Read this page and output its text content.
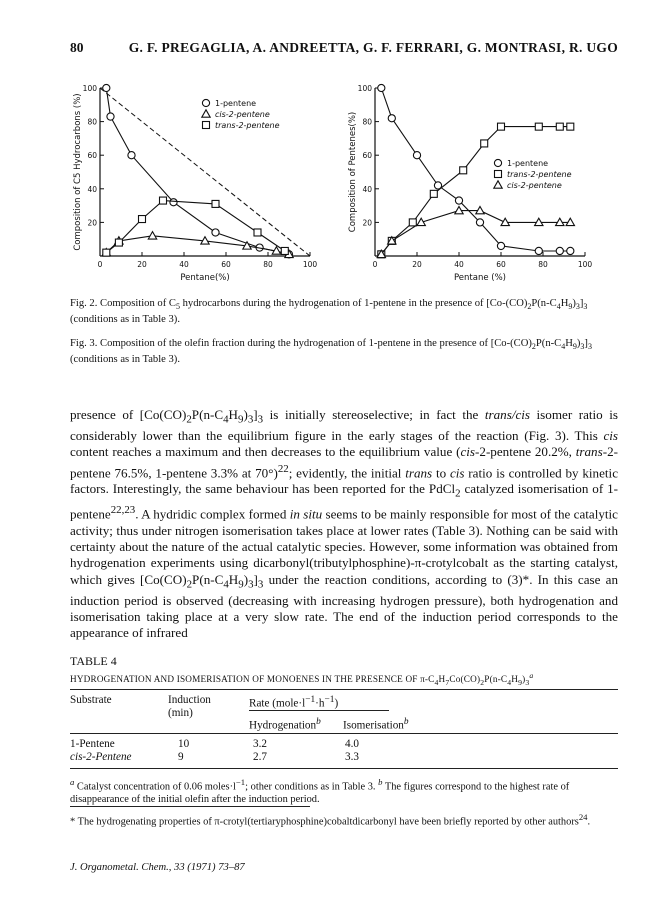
80	G. F. PREGAGLIA, A. ANDREETTA, G. F. FERRARI, G. MONTRASI, R. UGO
0	20	40	60	80	100
20
40
60
80
100
Pentane(%)
Composition of C5 Hydrocarbons (%)	1-pentene
cis-2-pentene
trans-2-pentene
0	20	40	60	80	100
20
40
60
80
100
Pentane (%)
Composition of Pentenes(%)	1-pentene
trans-2-pentene
cis-2-pentene
Fig. 2. Composition of $C_5$ hydrocarbons during the hydrogenation of 1-pentene in the presence of $[Co-(CO)_2P(n-C_4H_9)_3]_3$ (conditions as in Table 3).
Fig. 3. Composition of the olefin fraction during the hydrogenation of 1-pentene in the presence of $[Co-(CO)_2P(n-C_4H_9)_3]_3$ (conditions as in Table 3).

presence of $[Co(CO)_2P(n-C_4H_9)_3]_3$ is initially stereoselective; in fact the trans/cis isomer ratio is considerably lower than the equilibrium figure in the early stages of the reaction (Fig. 3). This cis content reaches a maximum and then decreases to the equilibrium value (cis-2-pentene 20.2%, trans-2-pentene 76.5%, 1-pentene 3.3% at 70°)$^{22}$; evidently, the initial trans to cis ratio is controlled by kinetic factors. Interestingly, the same behaviour has been reported for the PdCl$_2$ catalyzed isomerisation of 1-pentene$^{22,23}$. A hydridic complex formed in situ seems to be mainly responsible for most of the catalytic activity; thus under nitrogen isomerisation takes place at lower rates (Table 3). Nothing can be said with certainty about the nature of the actual catalytic species. However, some information was obtained from hydrogenation experiments using dicarbonyl(tributylphosphine)-π-crotylcobalt as the starting catalyst, which gives $[Co(CO)_2P(n-C_4H_9)_3]_3$ under the reaction conditions, according to (3)*. In this case an induction period is observed (decreasing with increasing hydrogen pressure), both hydrogenation and isomerisation taking place at a very slow rate. The end of the induction period corresponds to the appearance of infrared

TABLE 4
HYDROGENATION AND ISOMERISATION OF MONOENES IN THE PRESENCE OF $\pi-C_4H_7Co(CO)_2P(n-C_4H_9)_3^a$
Substrate	Induction
(min)
Rate $(mole\cdot l^{-1}\cdot h^{-1})$
Hydrogenation$^b$ Isomerisation$^b$
1-Pentene	10	3.2	4.0
cis-2-Pentene	9	2.7	3.3
$^a$ Catalyst concentration of 0.06 $moles\cdot l^{-1}$; other conditions as in Table 3. $^b$ The figures correspond to the highest rate of disappearance of the initial olefin after the induction period.
* The hydrogenating properties of π-crotyl(tertiaryphosphine)cobaltdicarbonyl have been briefly reported by other authors$^{24}$.
J. Organometal. Chem., 33 (1971) 73–87
